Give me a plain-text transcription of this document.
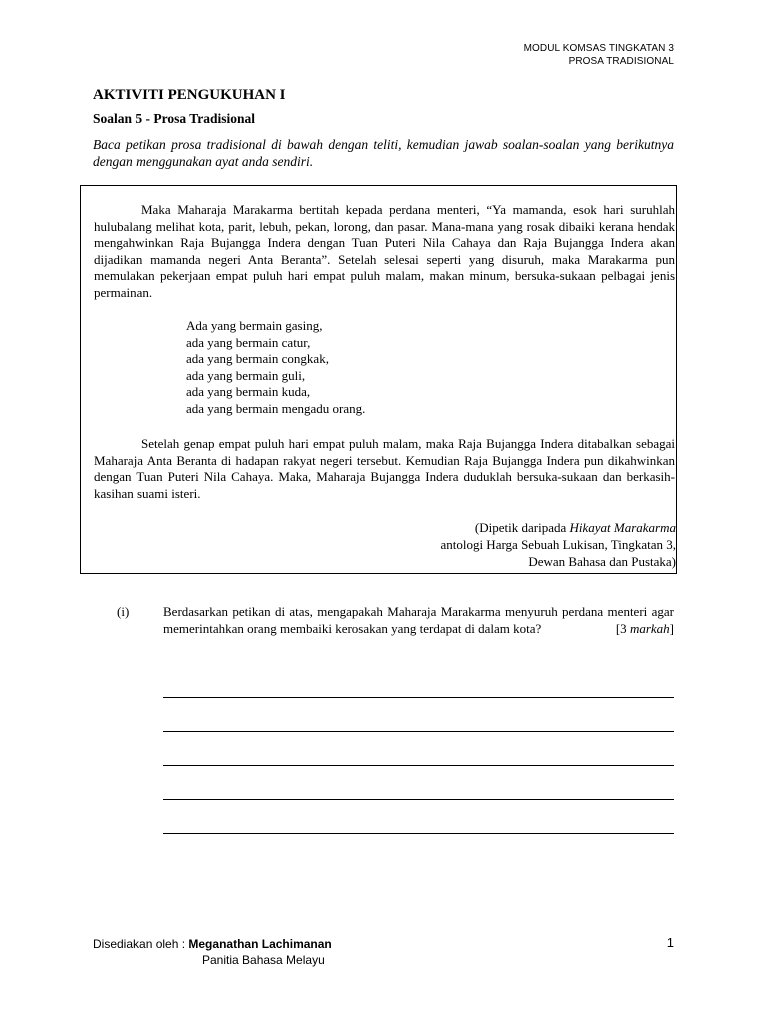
MODUL KOMSAS TINGKATAN 3
PROSA TRADISIONAL
AKTIVITI PENGUKUHAN I
Soalan 5 - Prosa Tradisional
Baca petikan prosa tradisional di bawah dengan teliti, kemudian jawab soalan-soalan yang berikutnya dengan menggunakan ayat anda sendiri.

Maka Maharaja Marakarma bertitah kepada perdana menteri, “Ya mamanda, esok hari suruhlah hulubalang melihat kota, parit, lebuh, pekan, lorong, dan pasar. Mana-mana yang rosak dibaiki kerana hendak mengahwinkan Raja Bujangga Indera dengan Tuan Puteri Nila Cahaya dan Raja Bujangga Indera akan dijadikan mamanda negeri Anta Beranta”. Setelah selesai seperti yang disuruh, maka Marakarma pun memulakan pekerjaan empat puluh hari empat puluh malam, makan minum, bersuka-sukaan pelbagai jenis permainan.

Ada yang bermain gasing,
ada yang bermain catur,
ada yang bermain congkak,
ada yang bermain guli,
ada yang bermain kuda,
ada yang bermain mengadu orang.

Setelah genap empat puluh hari empat puluh malam, maka Raja Bujangga Indera ditabalkan sebagai Maharaja Anta Beranta di hadapan rakyat negeri tersebut. Kemudian Raja Bujangga Indera pun dikahwinkan dengan Tuan Puteri Nila Cahaya. Maka, Maharaja Bujangga Indera duduklah bersuka-sukaan dan berkasih-kasihan suami isteri.

(Dipetik daripada Hikayat Marakarma
antologi Harga Sebuah Lukisan, Tingkatan 3,
Dewan Bahasa dan Pustaka)
(i)	Berdasarkan petikan di atas, mengapakah Maharaja Marakarma menyuruh perdana menteri agar memerintahkan orang membaiki kerosakan yang terdapat di dalam kota?	[3 markah]
Disediakan oleh : Meganathan Lachimanan
Panitia Bahasa Melayu
1
